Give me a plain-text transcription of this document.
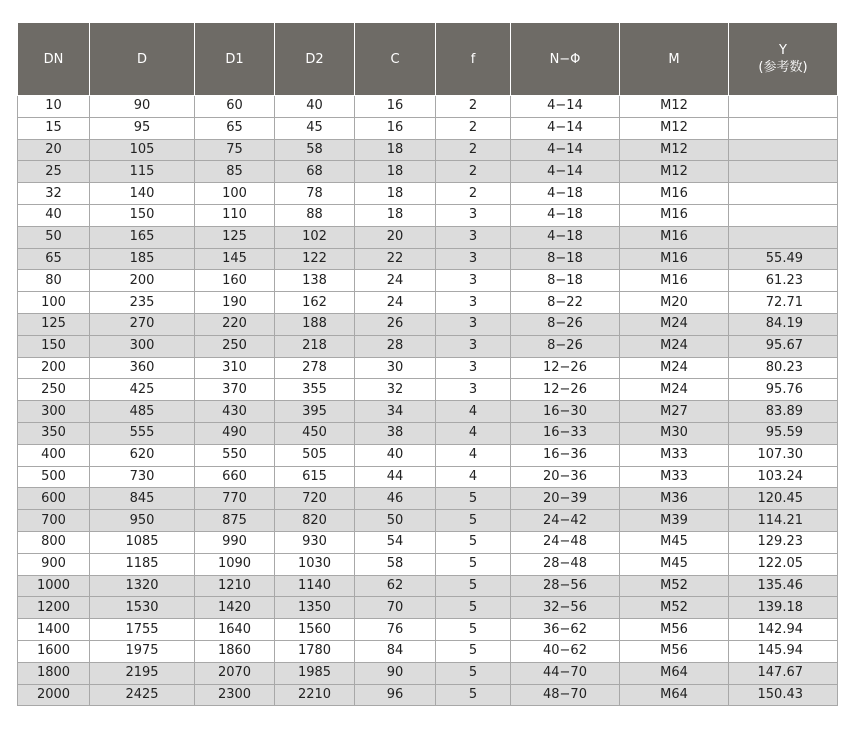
DN	D	D1	D2	C	f	N−Φ	M	Y
(参考数)

10	90	60	40	16	2	4−14	M12	
15	95	65	45	16	2	4−14	M12	
20	105	75	58	18	2	4−14	M12	
25	115	85	68	18	2	4−14	M12	
32	140	100	78	18	2	4−18	M16	
40	150	110	88	18	3	4−18	M16	
50	165	125	102	20	3	4−18	M16	
65	185	145	122	22	3	8−18	M16	55.49
80	200	160	138	24	3	8−18	M16	61.23
100	235	190	162	24	3	8−22	M20	72.71
125	270	220	188	26	3	8−26	M24	84.19
150	300	250	218	28	3	8−26	M24	95.67
200	360	310	278	30	3	12−26	M24	80.23
250	425	370	355	32	3	12−26	M24	95.76
300	485	430	395	34	4	16−30	M27	83.89
350	555	490	450	38	4	16−33	M30	95.59
400	620	550	505	40	4	16−36	M33	107.30
500	730	660	615	44	4	20−36	M33	103.24
600	845	770	720	46	5	20−39	M36	120.45
700	950	875	820	50	5	24−42	M39	114.21
800	1085	990	930	54	5	24−48	M45	129.23
900	1185	1090	1030	58	5	28−48	M45	122.05
1000	1320	1210	1140	62	5	28−56	M52	135.46
1200	1530	1420	1350	70	5	32−56	M52	139.18
1400	1755	1640	1560	76	5	36−62	M56	142.94
1600	1975	1860	1780	84	5	40−62	M56	145.94
1800	2195	2070	1985	90	5	44−70	M64	147.67
2000	2425	2300	2210	96	5	48−70	M64	150.43
